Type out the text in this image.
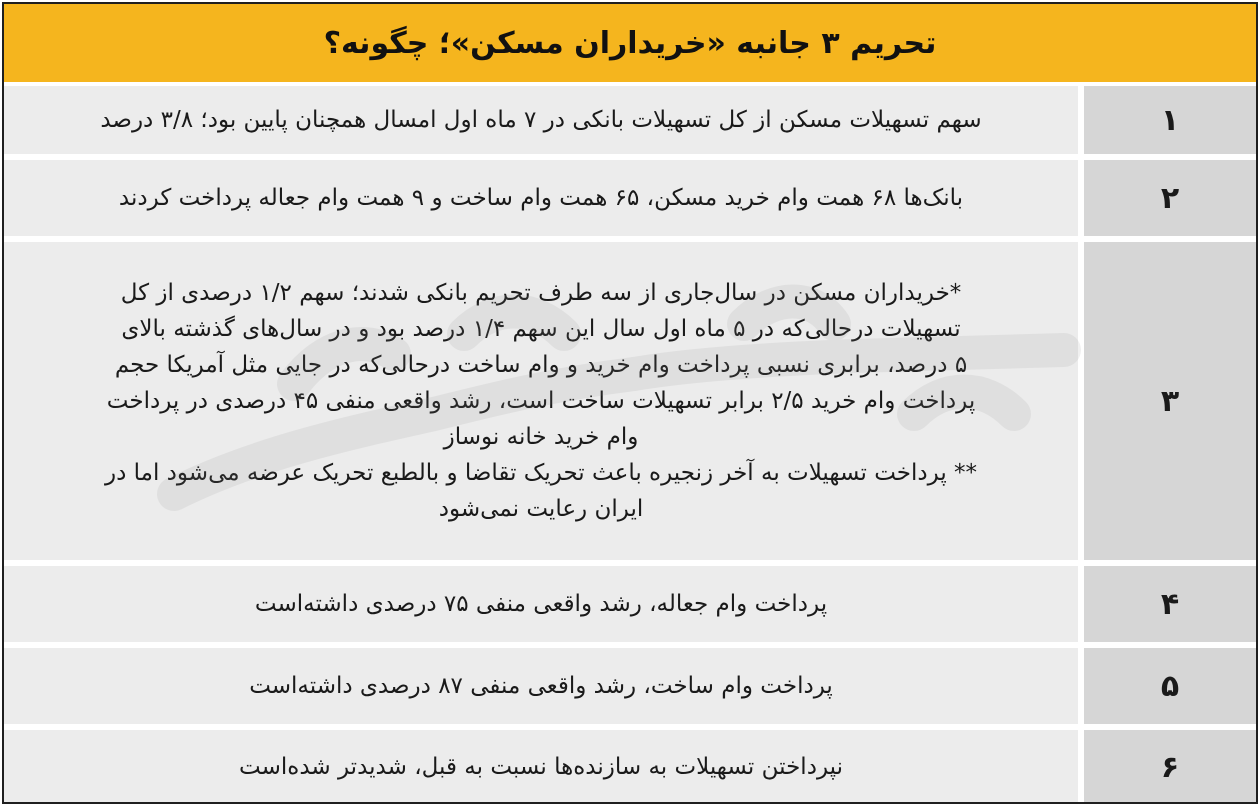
تحریم ۳ جانبه «خریداران مسکن»؛ چگونه؟
۱
سهم تسهیلات مسکن از کل تسهیلات بانکی در ۷ ماه اول امسال همچنان پایین بود؛ ۳/۸ درصد
۲
بانک‌ها ۶۸ همت وام خرید مسکن، ۶۵ همت وام ساخت و ۹ همت وام جعاله پرداخت کردند
۳
*خریداران مسکن در سال‌جاری از سه طرف تحریم بانکی شدند؛ سهم ۱/۲ درصدی از کل
تسهیلات درحالی‌که در ۵ ماه اول سال این سهم ۱/۴ درصد بود و در سال‌های گذشته بالای
۵ درصد، برابری نسبی پرداخت وام خرید و وام ساخت درحالی‌که در جایی مثل آمریکا حجم
پرداخت وام خرید ۲/۵ برابر تسهیلات ساخت است، رشد واقعی منفی ۴۵ درصدی در پرداخت
وام خرید خانه نوساز
** پرداخت تسهیلات به آخر زنجیره باعث تحریک تقاضا و بالطبع تحریک عرضه می‌شود اما در
ایران رعایت نمی‌شود
۴
پرداخت وام جعاله، رشد واقعی منفی ۷۵ درصدی داشته‌است
۵
پرداخت وام ساخت، رشد واقعی منفی ۸۷ درصدی داشته‌است
۶
نپرداختن تسهیلات به سازنده‌ها نسبت به قبل، شدیدتر شده‌است
